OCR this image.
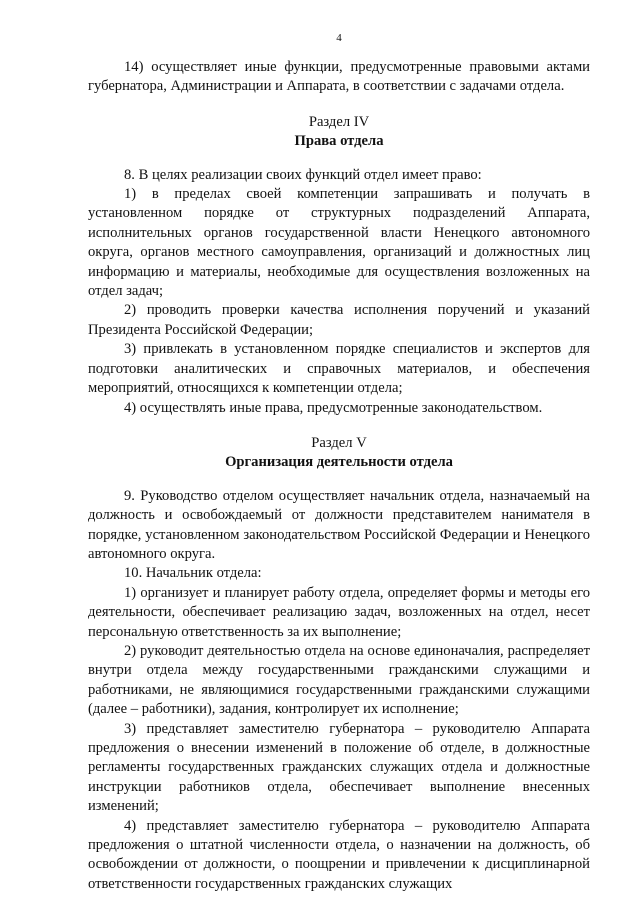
4

14) осуществляет иные функции, предусмотренные правовыми актами губернатора, Администрации и Аппарата, в соответствии с задачами отдела.

Раздел IV

Права отдела

8. В целях реализации своих функций отдел имеет право:

1) в пределах своей компетенции запрашивать и получать в установленном порядке от структурных подразделений Аппарата, исполнительных органов государственной власти Ненецкого автономного округа, органов местного самоуправления, организаций и должностных лиц информацию и материалы, необходимые для осуществления возложенных на отдел задач;

2) проводить проверки качества исполнения поручений и указаний Президента Российской Федерации;

3) привлекать в установленном порядке специалистов и экспертов для подготовки аналитических и справочных материалов, и обеспечения мероприятий, относящихся к компетенции отдела;

4) осуществлять иные права, предусмотренные законодательством.

Раздел V

Организация деятельности отдела

9. Руководство отделом осуществляет начальник отдела, назначаемый на должность и освобождаемый от должности представителем нанимателя в порядке, установленном законодательством Российской Федерации и Ненецкого автономного округа.

10. Начальник отдела:

1) организует и планирует работу отдела, определяет формы и методы его деятельности, обеспечивает реализацию задач, возложенных на отдел, несет персональную ответственность за их выполнение;

2) руководит деятельностью отдела на основе единоначалия, распределяет внутри отдела между государственными гражданскими служащими и работниками, не являющимися государственными гражданскими служащими (далее – работники), задания, контролирует их исполнение;

3) представляет заместителю губернатора – руководителю Аппарата предложения о внесении изменений в положение об отделе, в должностные регламенты государственных гражданских служащих отдела и должностные инструкции работников отдела, обеспечивает выполнение внесенных изменений;

4) представляет заместителю губернатора – руководителю Аппарата предложения о штатной численности отдела, о назначении на должность, об освобождении от должности, о поощрении и привлечении к дисциплинарной ответственности государственных гражданских служащих
